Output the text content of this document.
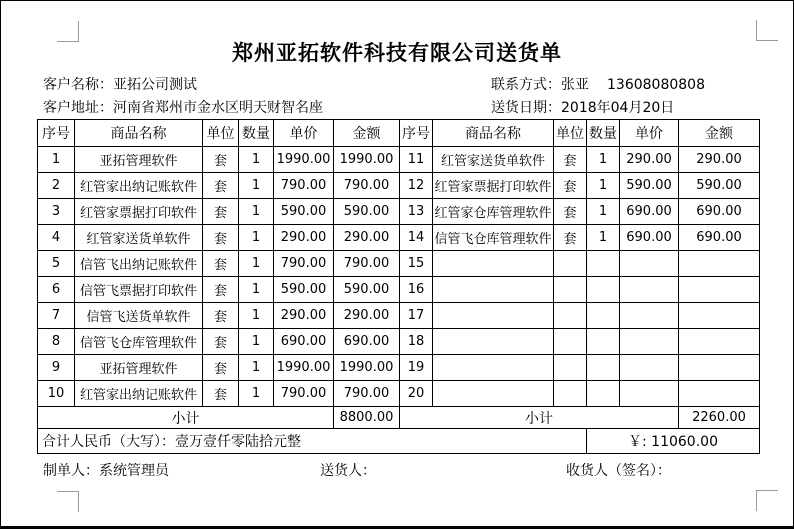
郑州亚拓软件科技有限公司送货单
客户名称：亚拓公司测试	联系方式：张亚 13608080808
客户地址：河南省郑州市金水区明天财智名座	送货日期：2018年04月20日
序号	商品名称	单位	数量	单价	金额	序号	商品名称	单位	数量	单价	金额
1	亚拓管理软件	套	1	1990.00	1990.00	11	红管家送货单软件	套	1	290.00	290.00
2	红管家出纳记账软件	套	1	790.00	790.00	12	红管家票据打印软件	套	1	590.00	590.00
3	红管家票据打印软件	套	1	590.00	590.00	13	红管家仓库管理软件	套	1	690.00	690.00
4	红管家送货单软件	套	1	290.00	290.00	14	信管飞仓库管理软件	套	1	690.00	690.00
5	信管飞出纳记账软件	套	1	790.00	790.00	15					
6	信管飞票据打印软件	套	1	590.00	590.00	16					
7	信管飞送货单软件	套	1	290.00	290.00	17					
8	信管飞仓库管理软件	套	1	690.00	690.00	18					
9	亚拓管理软件	套	1	1990.00	1990.00	19					
10	红管家出纳记账软件	套	1	790.00	790.00	20					
小计					8800.00	小计					2260.00
合计人民币（大写）：壹万壹仟零陆拾元整									￥: 11060.00		
制单人：系统管理员	送货人：	收货人（签名）：
